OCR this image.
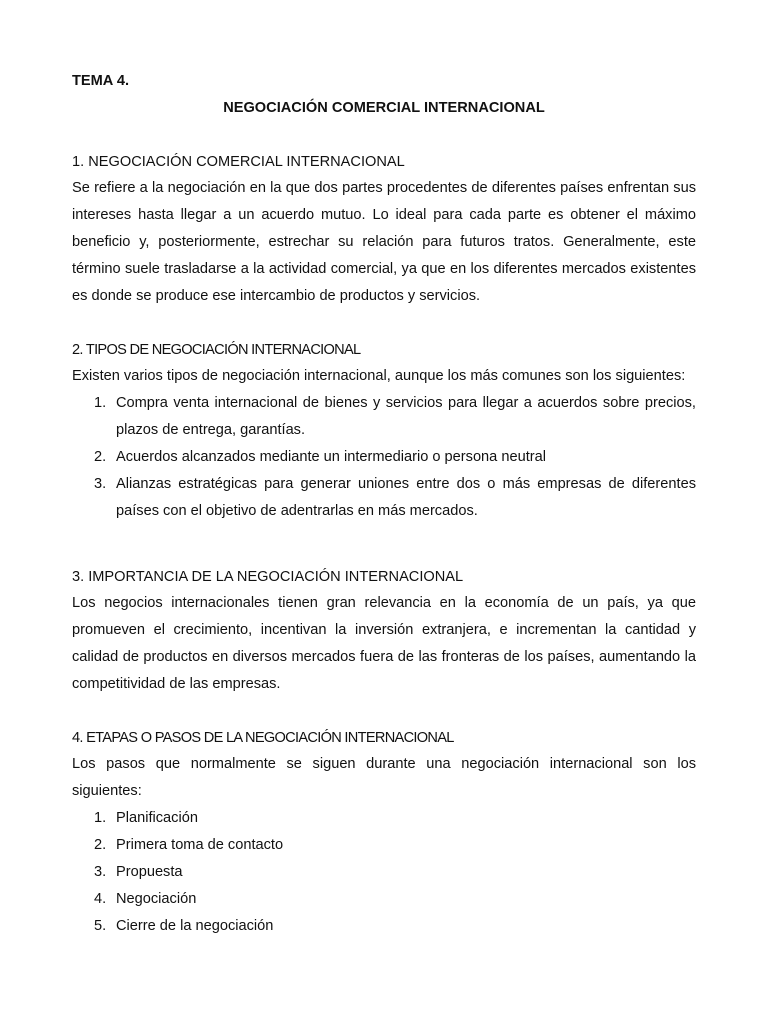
TEMA 4.
NEGOCIACIÓN COMERCIAL INTERNACIONAL
1. NEGOCIACIÓN COMERCIAL INTERNACIONAL

Se refiere a la negociación en la que dos partes procedentes de diferentes países enfrentan sus intereses hasta llegar a un acuerdo mutuo. Lo ideal para cada parte es obtener el máximo beneficio y, posteriormente, estrechar su relación para futuros tratos. Generalmente, este término suele trasladarse a la actividad comercial, ya que en los diferentes mercados existentes es donde se produce ese intercambio de productos y servicios.

2. TIPOS DE NEGOCIACIÓN INTERNACIONAL

Existen varios tipos de negociación internacional, aunque los más comunes son los siguientes:

1. Compra venta internacional de bienes y servicios para llegar a acuerdos sobre precios, plazos de entrega, garantías.
2. Acuerdos alcanzados mediante un intermediario o persona neutral
3. Alianzas estratégicas para generar uniones entre dos o más empresas de diferentes países con el objetivo de adentrarlas en más mercados.
3. IMPORTANCIA DE LA NEGOCIACIÓN INTERNACIONAL

Los negocios internacionales tienen gran relevancia en la economía de un país, ya que promueven el crecimiento, incentivan la inversión extranjera, e incrementan la cantidad y calidad de productos en diversos mercados fuera de las fronteras de los países, aumentando la competitividad de las empresas.

4. ETAPAS O PASOS DE LA NEGOCIACIÓN INTERNACIONAL

Los pasos que normalmente se siguen durante una negociación internacional son los siguientes:

1. Planificación
2. Primera toma de contacto
3. Propuesta
4. Negociación
5. Cierre de la negociación
